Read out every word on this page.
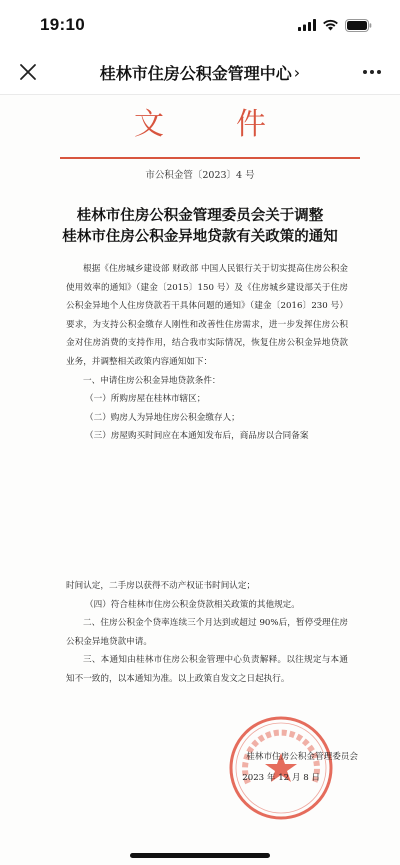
19:10
桂林市住房公积金管理中心 ›
文件
市公积金管〔2023〕4 号
桂林市住房公积金管理委员会关于调整
桂林市住房公积金异地贷款有关政策的通知

根据《住房城乡建设部 财政部 中国人民银行关于切实提高住房公积金使用效率的通知》（建金〔2015〕150 号）及《住房城乡建设部关于住房公积金异地个人住房贷款若干具体问题的通知》（建金〔2016〕230 号）要求，为支持公积金缴存人刚性和改善性住房需求，进一步发挥住房公积金对住房消费的支持作用，结合我市实际情况，恢复住房公积金异地贷款业务，并调整相关政策内容通知如下：

一、申请住房公积金异地贷款条件：

（一）所购房屋在桂林市辖区；

（二）购房人为异地住房公积金缴存人；

（三）房屋购买时间应在本通知发布后，商品房以合同备案

时间认定，二手房以获得不动产权证书时间认定；

（四）符合桂林市住房公积金贷款相关政策的其他规定。

二、住房公积金个贷率连续三个月达到或超过 90%后，暂停受理住房公积金异地贷款申请。

三、本通知由桂林市住房公积金管理中心负责解释。以往规定与本通知不一致的，以本通知为准。以上政策自发文之日起执行。

桂林市住房公积金管理委员会
2023 年 12 月 8 日
